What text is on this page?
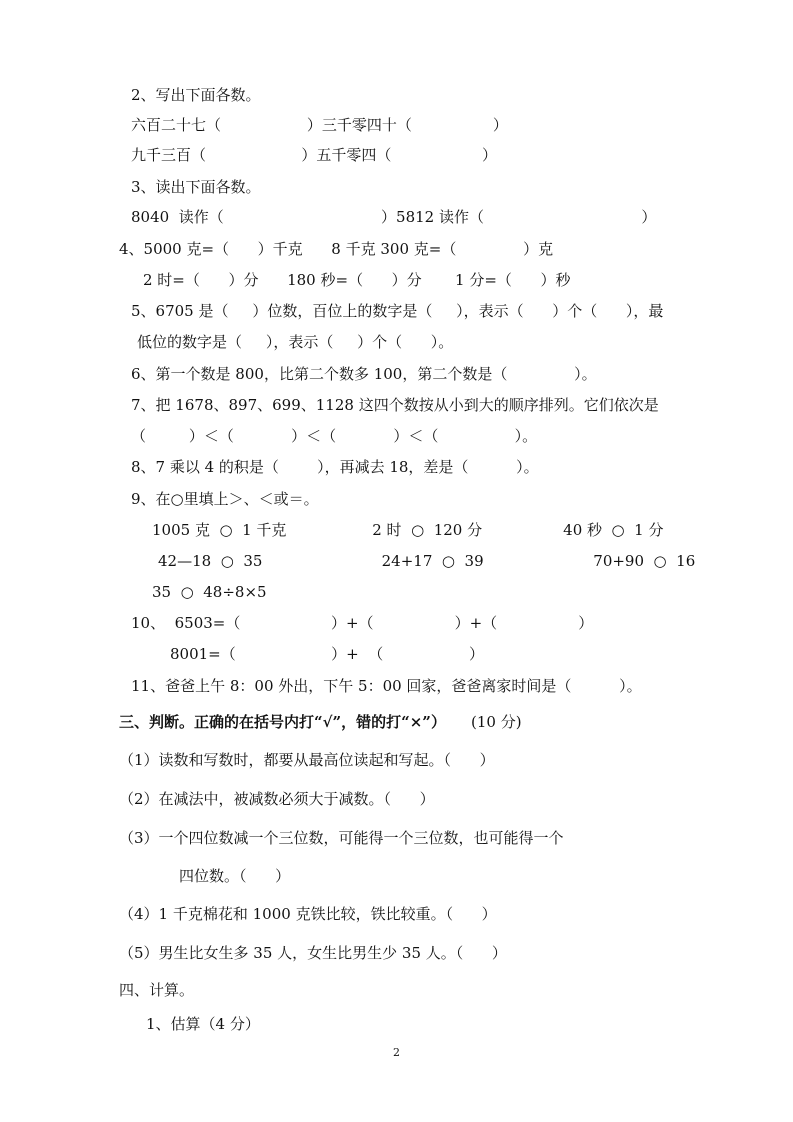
2、写出下面各数。
六百二十七（                  ）三千零四十（                 ）
九千三百（                    ）五千零四（                   ）
3、读出下面各数。
8040  读作（                                 ）5812 读作（                                 ）
4、5000 克=（      ）千克      8 千克 300 克=（              ）克
2 时=（      ）分      180 秒=（      ）分       1 分=（      ）秒
5、6705 是（     ）位数，百位上的数字是（     ），表示（      ）个（      ），最
低位的数字是（     ），表示（     ）个（      ）。
6、第一个数是 800，比第二个数多 100，第二个数是（              ）。
7、把 1678、897、699、1128 这四个数按从小到大的顺序排列。它们依次是
（         ）＜（            ）＜（            ）＜（                ）。
8、7 乘以 4 的积是（        ），再减去 18，差是（          ）。
9、在○里填上＞、＜或＝。
1005 克  ○  1 千克                  2 时  ○  120 分                 40 秒  ○  1 分
42—18  ○  35                         24+17  ○  39                       70+90  ○  16
35  ○  48÷8×5
10、  6503=（                   ）+（                 ）+（                 ）
8001=（                    ）+  （                  ）
11、爸爸上午 8：00 外出，下午 5：00 回家，爸爸离家时间是（          ）。
三、判断。正确的在括号内打“√”，错的打“×”） (10 分)
（1）读数和写数时，都要从最高位读起和写起。（      ）
（2）在减法中，被减数必须大于减数。（      ）
（3）一个四位数减一个三位数，可能得一个三位数，也可能得一个
四位数。（      ）
（4）1 千克棉花和 1000 克铁比较，铁比较重。（      ）
（5）男生比女生多 35 人，女生比男生少 35 人。（      ）
四、计算。
1、估算（4 分）
2
